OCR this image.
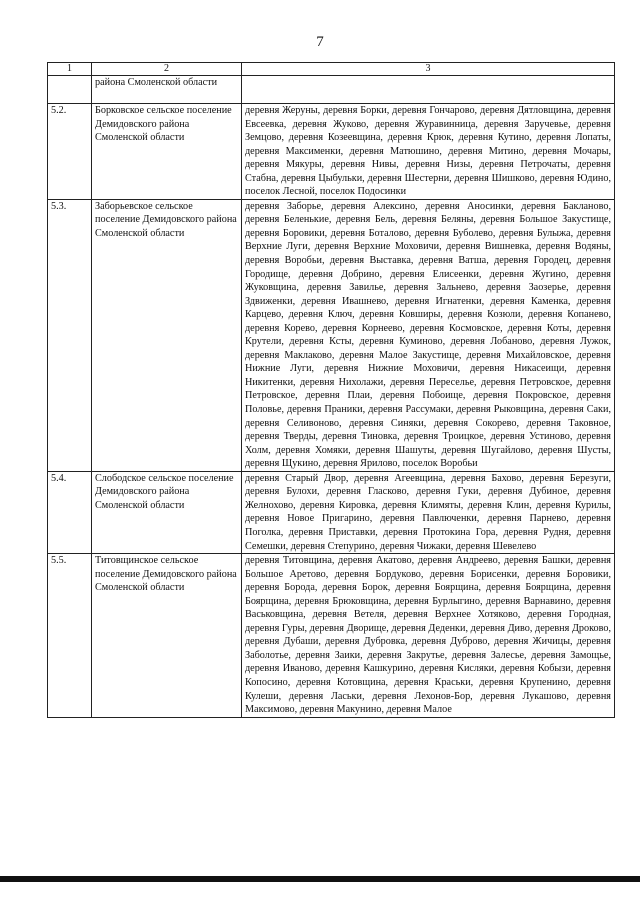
7
1	2	3
	района Смоленской области	
5.2.	Борковское сельское поселение Демидовского района Смоленской области	деревня Жеруны, деревня Борки, деревня Гончарово, деревня Дятловщина, деревня Евсеевка, деревня Жуково, деревня Журавинница, деревня Заручевье, деревня Земцово, деревня Козеевщина, деревня Крюк, деревня Кутино, деревня Лопаты, деревня Максименки, деревня Матюшино, деревня Митино, деревня Мочары, деревня Мякуры, деревня Нивы, деревня Низы, деревня Петрочаты, деревня Стабна, деревня Цыбульки, деревня Шестерни, деревня Шишково, деревня Юдино, поселок Лесной, поселок Подосинки
5.3.	Заборьевское сельское поселение Демидовского района Смоленской области	деревня Заборье, деревня Алексино, деревня Аносинки, деревня Бакланово, деревня Беленькие, деревня Бель, деревня Беляны, деревня Большое Закустище, деревня Боровики, деревня Боталово, деревня Буболево, деревня Булыжа, деревня Верхние Луги, деревня Верхние Моховичи, деревня Вишневка, деревня Водяны, деревня Воробьи, деревня Выставка, деревня Ватша, деревня Городец, деревня Городище, деревня Добрино, деревня Елисеенки, деревня Жугино, деревня Жуковщина, деревня Завилье, деревня Зальнево, деревня Заозерье, деревня Здвиженки, деревня Ивашнево, деревня Игнатенки, деревня Каменка, деревня Карцево, деревня Ключ, деревня Ковширы, деревня Козюли, деревня Копанево, деревня Корево, деревня Корнеево, деревня Космовское, деревня Коты, деревня Крутели, деревня Ксты, деревня Куминово, деревня Лобаново, деревня Лужок, деревня Маклаково, деревня Малое Закустище, деревня Михайловское, деревня Нижние Луги, деревня Нижние Моховичи, деревня Никасеищи, деревня Никитенки, деревня Нихолажи, деревня Переселье, деревня Петровское, деревня Петровское, деревня Плаи, деревня Побоище, деревня Покровское, деревня Половье, деревня Праники, деревня Рассумаки, деревня Рыковщина, деревня Саки, деревня Селивоново, деревня Синяки, деревня Сокорево, деревня Таковное, деревня Тверды, деревня Тиновка, деревня Троицкое, деревня Устиново, деревня Холм, деревня Хомяки, деревня Шашуты, деревня Шугайлово, деревня Шусты, деревня Щукино, деревня Ярилово, поселок Воробьи
5.4.	Слободское сельское поселение Демидовского района Смоленской области	деревня Старый Двор, деревня Агеевщина, деревня Бахово, деревня Березуги, деревня Булохи, деревня Гласково, деревня Гуки, деревня Дубиное, деревня Желнохово, деревня Кировка, деревня Климяты, деревня Клин, деревня Курилы, деревня Новое Пригарино, деревня Павлюченки, деревня Парнево, деревня Поголка, деревня Приставки, деревня Протокина Гора, деревня Рудня, деревня Семешки, деревня Степурино, деревня Чижаки, деревня Шевелево
5.5.	Титовщинское сельское поселение Демидовского района Смоленской области	деревня Титовщина, деревня Акатово, деревня Андреево, деревня Башки, деревня Большое Аретово, деревня Бордуково, деревня Борисенки, деревня Боровики, деревня Борода, деревня Борок, деревня Боярщина, деревня Боярщина, деревня Боярщина, деревня Брюковщина, деревня Бурлыгино, деревня Варнавино, деревня Васьковщина, деревня Ветеля, деревня Верхнее Хотяково, деревня Городная, деревня Гуры, деревня Дворище, деревня Деденки, деревня Диво, деревня Дроково, деревня Дубаши, деревня Дубровка, деревня Дуброво, деревня Жичицы, деревня Заболотье, деревня Заики, деревня Закрутье, деревня Залесье, деревня Замощье, деревня Иваново, деревня Кашкурино, деревня Кисляки, деревня Кобызи, деревня Копосино, деревня Котовщина, деревня Краськи, деревня Крупенино, деревня Кулеши, деревня Ласьки, деревня Лехонов-Бор, деревня Лукашово, деревня Максимово, деревня Макунино, деревня Малое
